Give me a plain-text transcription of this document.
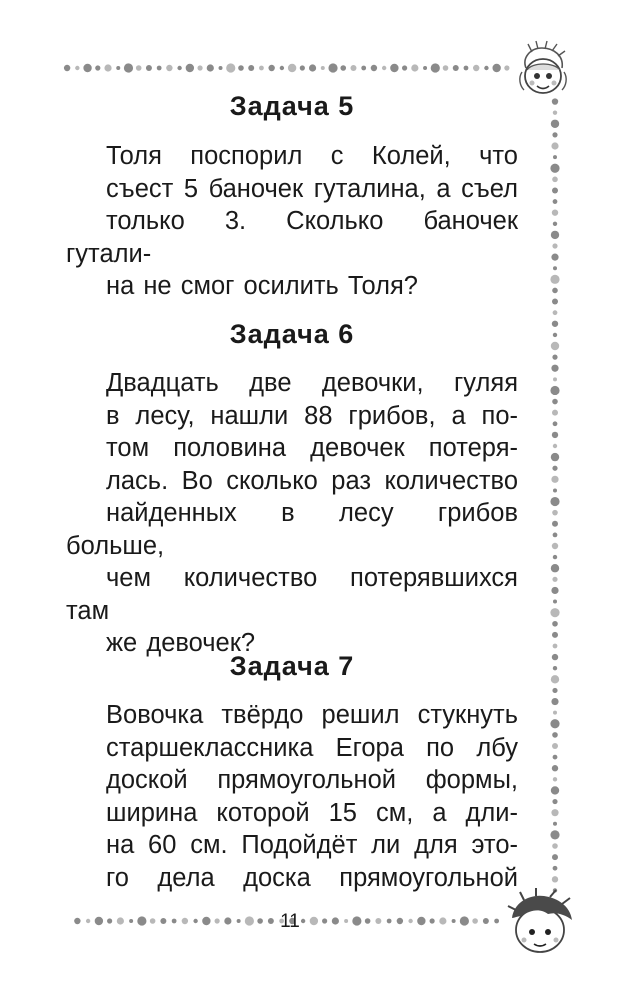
Задача 5
Толя поспорил с Колей, что
съест 5 баночек гуталина, а съел
только 3. Сколько баночек гутали-
на не смог осилить Толя?
Задача 6
Двадцать две девочки, гуляя
в лесу, нашли 88 грибов, а по-
том половина девочек потеря-
лась. Во сколько раз количество
найденных в лесу грибов больше,
чем количество потерявшихся там
же девочек?
Задача 7
Вовочка твёрдо решил стукнуть
старшеклассника Егора по лбу
доской прямоугольной формы,
ширина которой 15 см, а дли-
на 60 см. Подойдёт ли для это-
го дела доска прямоугольной
11
